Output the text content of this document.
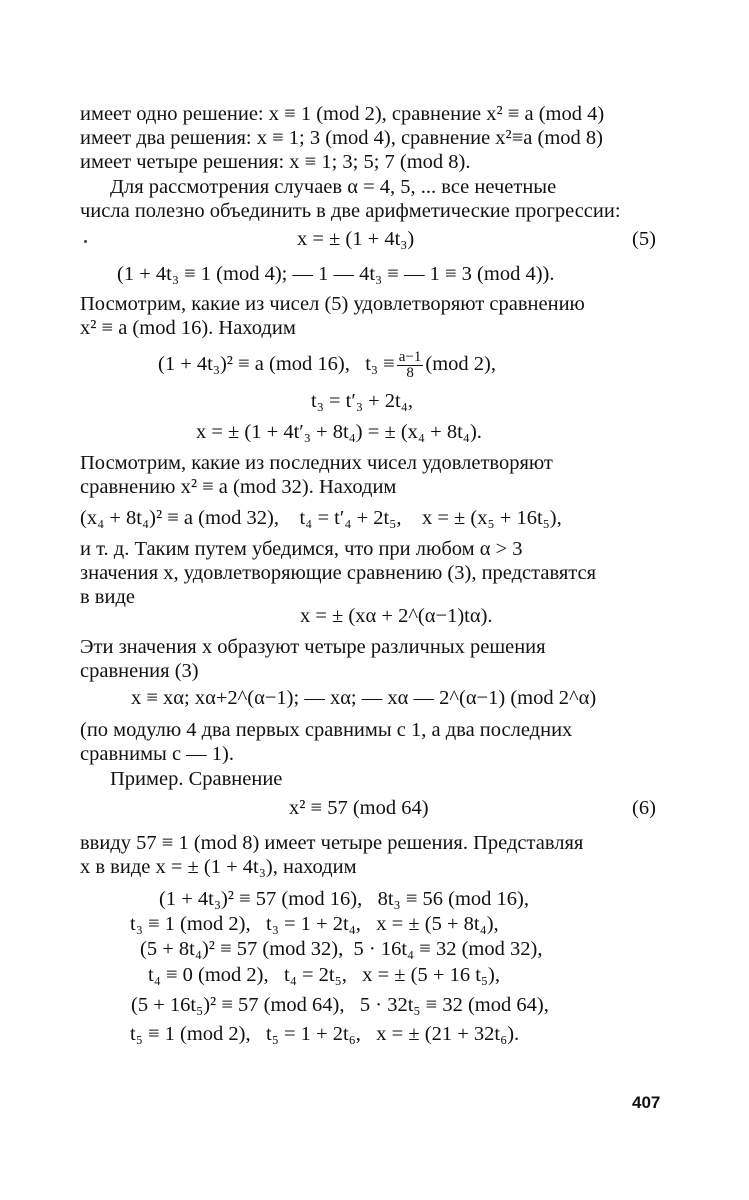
имеет одно решение: x ≡ 1 (mod 2), сравнение x² ≡ a (mod 4)
имеет два решения: x ≡ 1; 3 (mod 4), сравнение x²≡a (mod 8)
имеет четыре решения: x ≡ 1; 3; 5; 7 (mod 8).
Для рассмотрения случаев α = 4, 5, ... все нечетные
числа полезно объединить в две арифметические прогрессии:
x = ± (1 + 4t₃)	(5)
(1 + 4t₃ ≡ 1 (mod 4); — 1 — 4t₃ ≡ — 1 ≡ 3 (mod 4)).
Посмотрим, какие из чисел (5) удовлетворяют сравнению
x² ≡ a (mod 16). Находим
(1 + 4t₃)² ≡ a (mod 16),   $t_3 \equiv \frac{a-1}{8} (mod$ 2),
t₃ = t′₃ + 2t₄,
x = ± (1 + 4t′₃ + 8t₄) = ± (x₄ + 8t₄).
Посмотрим, какие из последних чисел удовлетворяют
сравнению x² ≡ a (mod 32). Находим
(x₄ + 8t₄)² ≡ a (mod 32),    t₄ = t′₄ + 2t₅,    x = ± (x₅ + 16t₅),
и т. д. Таким путем убедимся, что при любом α > 3
значения x, удовлетворяющие сравнению (3), представятся
в виде
x = ± (xα + 2^(α−1)tα).
Эти значения x образуют четыре различных решения
сравнения (3)
x ≡ xα; xα+2^(α−1); — xα; — xα — 2^(α−1) (mod 2^α)
(по модулю 4 два первых сравнимы с 1, а два последних
сравнимы с — 1).
Пример. Сравнение
x² ≡ 57 (mod 64)	(6)
ввиду 57 ≡ 1 (mod 8) имеет четыре решения. Представляя
x в виде x = ± (1 + 4t₃), находим
(1 + 4t₃)² ≡ 57 (mod 16),   8t₃ ≡ 56 (mod 16),
t₃ ≡ 1 (mod 2),   t₃ = 1 + 2t₄,   x = ± (5 + 8t₄),
(5 + 8t₄)² ≡ 57 (mod 32),  5 · 16t₄ ≡ 32 (mod 32),
t₄ ≡ 0 (mod 2),   t₄ = 2t₅,   x = ± (5 + 16 t₅),
(5 + 16t₅)² ≡ 57 (mod 64),   5 · 32t₅ ≡ 32 (mod 64),
t₅ ≡ 1 (mod 2),   t₅ = 1 + 2t₆,   x = ± (21 + 32t₆).
407
